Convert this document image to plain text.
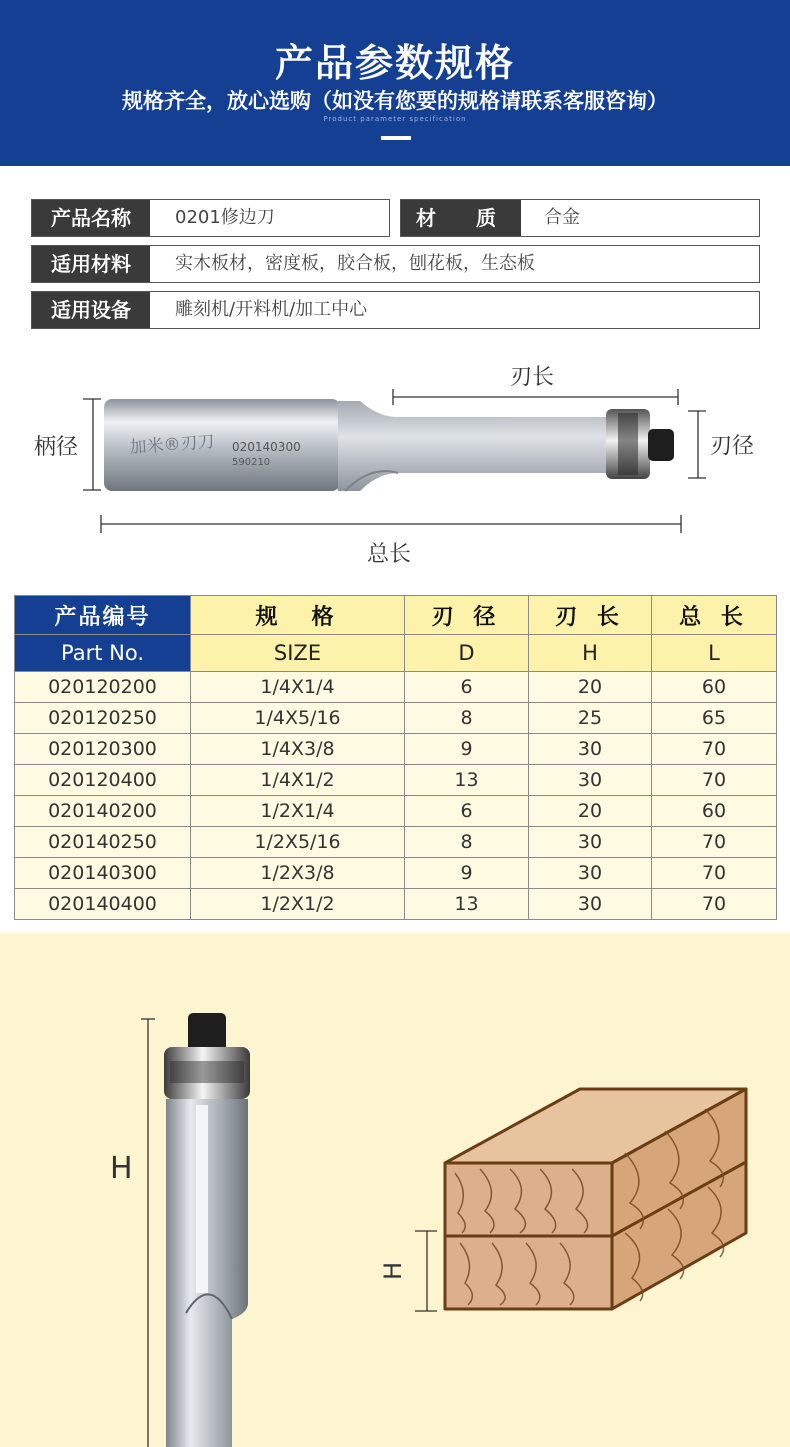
产品参数规格
规格齐全，放心选购（如没有您要的规格请联系客服咨询）
Product parameter specification
产品名称	0201修边刀	材　质	合金
适用材料	实木板材，密度板，胶合板，刨花板，生态板
适用设备	雕刻机/开料机/加工中心
加米®刃刀 020140300
590210
刃长
柄径	刃径
总长
产品编号	规　格	刃 径	刃 长	总 长
Part No.	SIZE	D	H	L
020120200	1/4X1/4	6	20	60
020120250	1/4X5/16	8	25	65
020120300	1/4X3/8	9	30	70
020120400	1/4X1/2	13	30	70
020140200	1/2X1/4	6	20	60
020140250	1/2X5/16	8	30	70
020140300	1/2X3/8	9	30	70
020140400	1/2X1/2	13	30	70
H
H
